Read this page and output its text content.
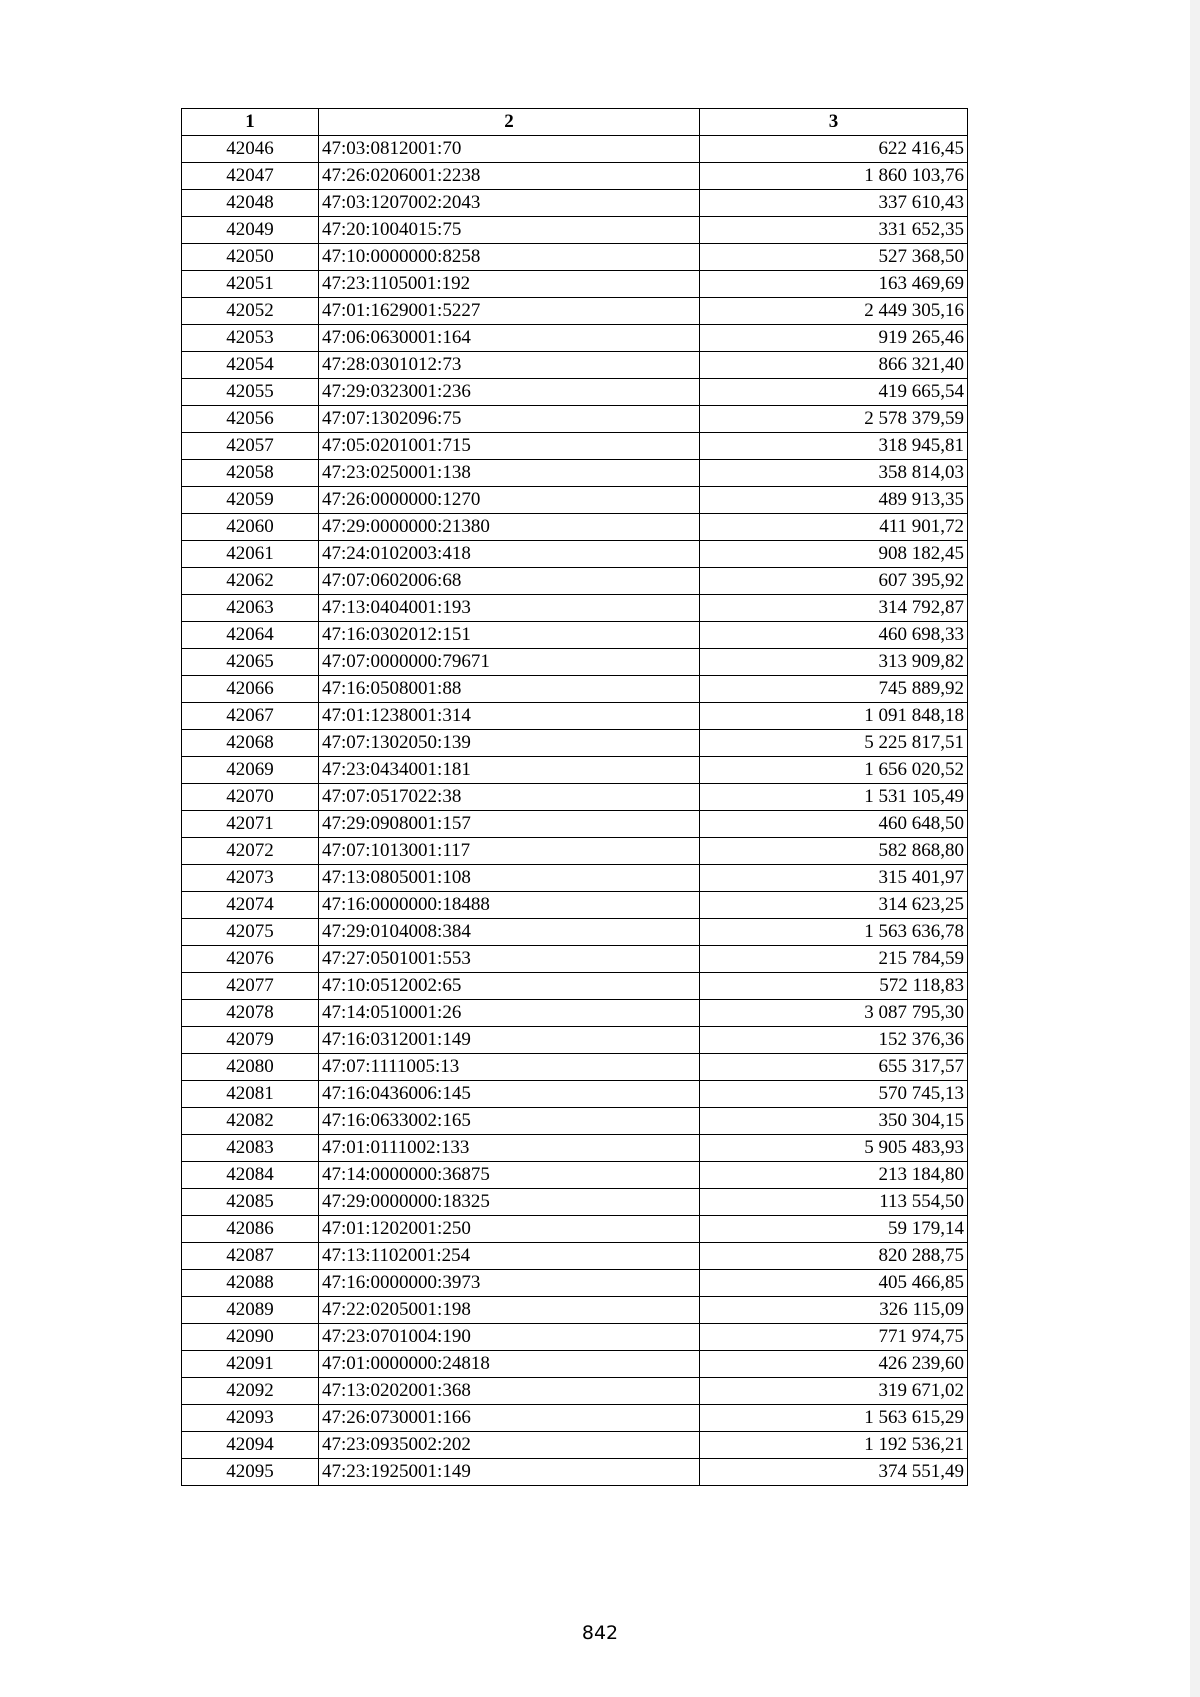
1	2	3
42046	47:03:0812001:70	622 416,45
42047	47:26:0206001:2238	1 860 103,76
42048	47:03:1207002:2043	337 610,43
42049	47:20:1004015:75	331 652,35
42050	47:10:0000000:8258	527 368,50
42051	47:23:1105001:192	163 469,69
42052	47:01:1629001:5227	2 449 305,16
42053	47:06:0630001:164	919 265,46
42054	47:28:0301012:73	866 321,40
42055	47:29:0323001:236	419 665,54
42056	47:07:1302096:75	2 578 379,59
42057	47:05:0201001:715	318 945,81
42058	47:23:0250001:138	358 814,03
42059	47:26:0000000:1270	489 913,35
42060	47:29:0000000:21380	411 901,72
42061	47:24:0102003:418	908 182,45
42062	47:07:0602006:68	607 395,92
42063	47:13:0404001:193	314 792,87
42064	47:16:0302012:151	460 698,33
42065	47:07:0000000:79671	313 909,82
42066	47:16:0508001:88	745 889,92
42067	47:01:1238001:314	1 091 848,18
42068	47:07:1302050:139	5 225 817,51
42069	47:23:0434001:181	1 656 020,52
42070	47:07:0517022:38	1 531 105,49
42071	47:29:0908001:157	460 648,50
42072	47:07:1013001:117	582 868,80
42073	47:13:0805001:108	315 401,97
42074	47:16:0000000:18488	314 623,25
42075	47:29:0104008:384	1 563 636,78
42076	47:27:0501001:553	215 784,59
42077	47:10:0512002:65	572 118,83
42078	47:14:0510001:26	3 087 795,30
42079	47:16:0312001:149	152 376,36
42080	47:07:1111005:13	655 317,57
42081	47:16:0436006:145	570 745,13
42082	47:16:0633002:165	350 304,15
42083	47:01:0111002:133	5 905 483,93
42084	47:14:0000000:36875	213 184,80
42085	47:29:0000000:18325	113 554,50
42086	47:01:1202001:250	59 179,14
42087	47:13:1102001:254	820 288,75
42088	47:16:0000000:3973	405 466,85
42089	47:22:0205001:198	326 115,09
42090	47:23:0701004:190	771 974,75
42091	47:01:0000000:24818	426 239,60
42092	47:13:0202001:368	319 671,02
42093	47:26:0730001:166	1 563 615,29
42094	47:23:0935002:202	1 192 536,21
42095	47:23:1925001:149	374 551,49
842
